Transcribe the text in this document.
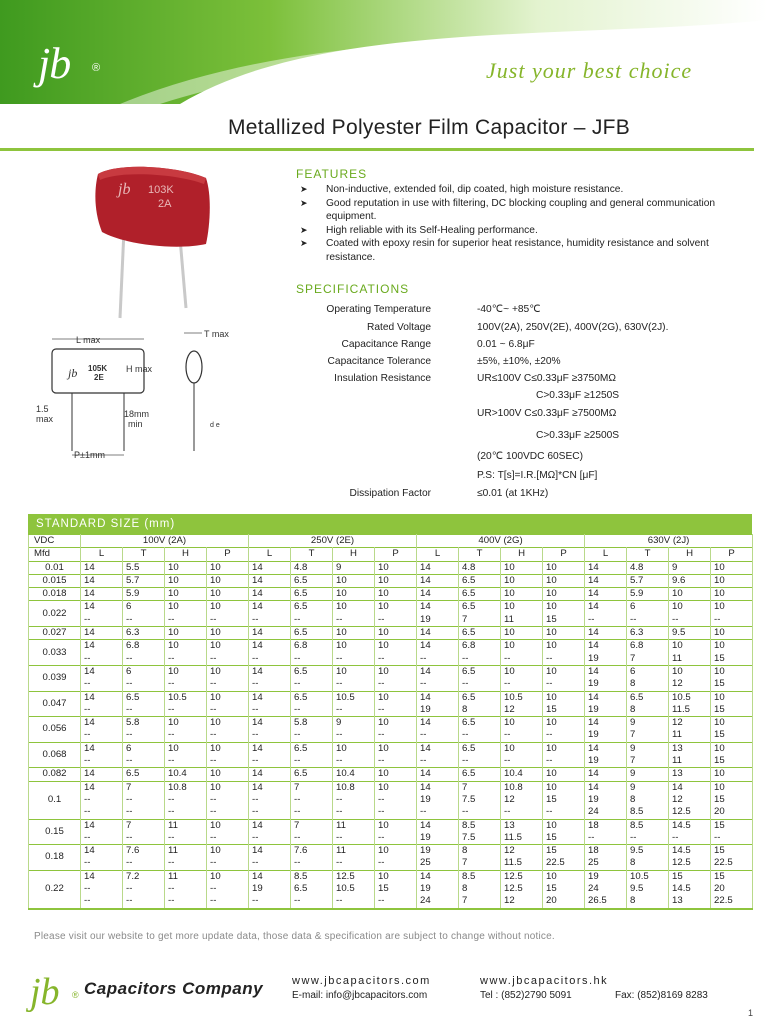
jb ®	Just your best choice
Metallized Polyester Film Capacitor – JFB
jb 103K
2A
L max
jb 105K
2E
H max
1.5
max	18mm
min
P±1mm
T max
d e
FEATURES
➤ Non-inductive, extended foil, dip coated, high moisture resistance.
➤ Good reputation in use with filtering, DC blocking coupling and general communication equipment.
➤ High reliable with its Self-Healing performance.
➤ Coated with epoxy resin for superior heat resistance, humidity resistance and solvent resistance.
SPECIFICATIONS
Operating Temperature	-40℃~ +85℃
Rated Voltage	100V(2A), 250V(2E), 400V(2G), 630V(2J).
Capacitance Range	0.01 ~ 6.8μF
Capacitance Tolerance	±5%, ±10%, ±20%
Insulation Resistance	UR≤100V C≤0.33μF ≥3750MΩ
C>0.33μF ≥1250S
UR>100V C≤0.33μF ≥7500MΩ
C>0.33μF ≥2500S
P.S: T[s]=I.R.[MΩ]*CN [μF]
(20℃ 100VDC 60SEC)
Dissipation Factor	≤0.01 (at 1KHz)
STANDARD SIZE (mm)
VDC	100V (2A)				250V (2E)				400V (2G)				630V (2J)			
Mfd	L	T	H	P	L	T	H	P	L	T	H	P	L	T	H	P
0.01	14	5.5	10	10	14	4.8	9	10	14	4.8	10	10	14	4.8	9	10
0.015	14	5.7	10	10	14	6.5	10	10	14	6.5	10	10	14	5.7	9.6	10
0.018	14	5.9	10	10	14	6.5	10	10	14	6.5	10	10	14	5.9	10	10
0.022	14	6	10	10	14	6.5	10	10	14	6.5	10	10	14	6	10	10
	--	--	--	--	--	--	--	--	19	7	11	15	--	--	--	--
0.027	14	6.3	10	10	14	6.5	10	10	14	6.5	10	10	14	6.3	9.5	10
0.033	14	6.8	10	10	14	6.8	10	10	14	6.8	10	10	14	6.8	10	10
	--	--	--	--	--	--	--	--	--	--	--	--	19	7	11	15
0.039	14	6	10	10	14	6.5	10	10	14	6.5	10	10	14	6	10	10
	--	--	--	--	--	--	--	--	--	--	--	--	19	8	12	15
0.047	14	6.5	10.5	10	14	6.5	10.5	10	14	6.5	10.5	10	14	6.5	10.5	10
	--	--	--	--	--	--	--	--	19	8	12	15	19	8	11.5	15
0.056	14	5.8	10	10	14	5.8	9	10	14	6.5	10	10	14	9	12	10
	--	--	--	--	--	--	--	--	--	--	--	--	19	7	11	15
0.068	14	6	10	10	14	6.5	10	10	14	6.5	10	10	14	9	13	10
	--	--	--	--	--	--	--	--	--	--	--	--	19	7	11	15
0.082	14	6.5	10.4	10	14	6.5	10.4	10	14	6.5	10.4	10	14	9	13	10
0.1	14	7	10.8	10	14	7	10.8	10	14	7	10.8	10	14	9	14	10
	--	--	--	--	--	--	--	--	19	7.5	12	15	19	8	12	15
	--	--	--	--	--	--	--	--	--	--	--	--	24	8.5	12.5	20
0.15	14	7	11	10	14	7	11	10	14	8.5	13	10	18	8.5	14.5	15
	--	--	--	--	--	--	--	--	19	7.5	11.5	15	--	--	--	--
0.18	14	7.6	11	10	14	7.6	11	10	19	8	12	15	18	9.5	14.5	15
	--	--	--	--	--	--	--	--	25	7	11.5	22.5	25	8	12.5	22.5
0.22	14	7.2	11	10	14	8.5	12.5	10	14	8.5	12.5	10	19	10.5	15	15
	--	--	--	--	19	6.5	10.5	15	19	8	12.5	15	24	9.5	14.5	20
	--	--	--	--	--	--	--	--	24	7	12	20	26.5	8	13	22.5
Please visit our website to get more update data, those data & specification are subject to change without notice.
jb ® Capacitors Company	www.jbcapacitors.com
E-mail: info@jbcapacitors.com
www.jbcapacitors.hk
Tel : (852)2790 5091	Fax: (852)8169 8283
1
